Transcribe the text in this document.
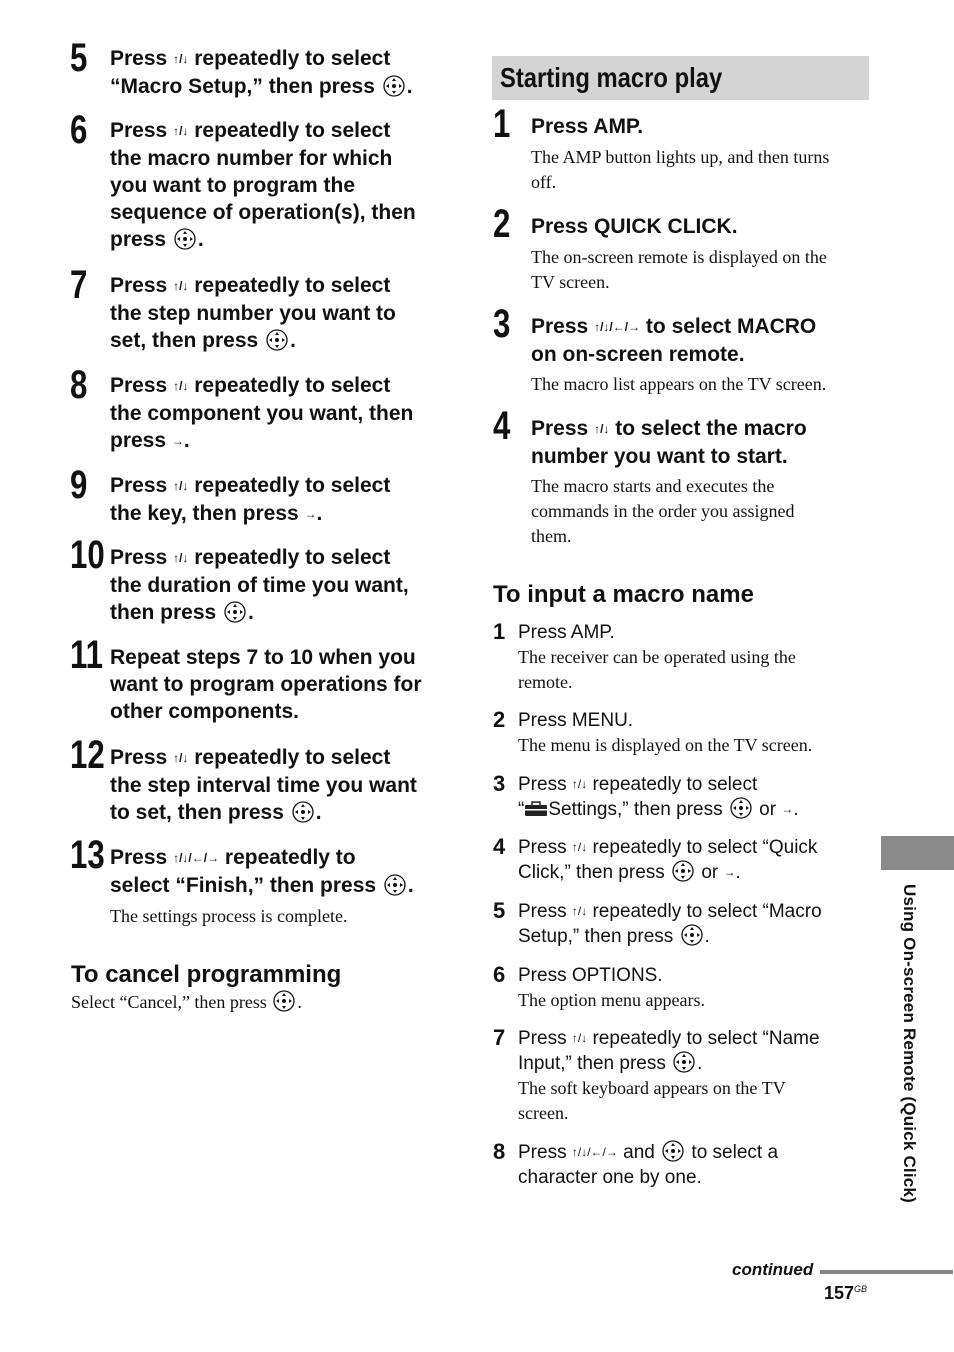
5 Press ↑/↓ repeatedly to select
“Macro Setup,” then press .
6 Press ↑/↓ repeatedly to select
the macro number for which
you want to program the
sequence of operation(s), then
press .
7 Press ↑/↓ repeatedly to select
the step number you want to
set, then press .
8 Press ↑/↓ repeatedly to select
the component you want, then
press →.
9 Press ↑/↓ repeatedly to select
the key, then press →.
10 Press ↑/↓ repeatedly to select
the duration of time you want,
then press .
11 Repeat steps 7 to 10 when you
want to program operations for
other components.
12 Press ↑/↓ repeatedly to select
the step interval time you want
to set, then press .
13 Press ↑/↓/←/→ repeatedly to
select “Finish,” then press .
The settings process is complete.
To cancel programming
Select “Cancel,” then press .
Starting macro play
1 Press AMP.
The AMP button lights up, and then turns
off.
2 Press QUICK CLICK.
The on-screen remote is displayed on the
TV screen.
3 Press ↑/↓/←/→ to select MACRO
on on-screen remote.
The macro list appears on the TV screen.
4 Press ↑/↓ to select the macro
number you want to start.
The macro starts and executes the
commands in the order you assigned
them.
To input a macro name
1 Press AMP.
The receiver can be operated using the
remote.
2 Press MENU.
The menu is displayed on the TV screen.
3 Press ↑/↓ repeatedly to select
“ Settings,” then press  or →.
4 Press ↑/↓ repeatedly to select “Quick
Click,” then press  or →.
5 Press ↑/↓ repeatedly to select “Macro
Setup,” then press .
6 Press OPTIONS.
The option menu appears.
7 Press ↑/↓ repeatedly to select “Name
Input,” then press .
The soft keyboard appears on the TV
screen.
8 Press ↑/↓/←/→ and  to select a
character one by one.	Using On-screen Remote (Quick Click)
continued
$157^{GB}$
